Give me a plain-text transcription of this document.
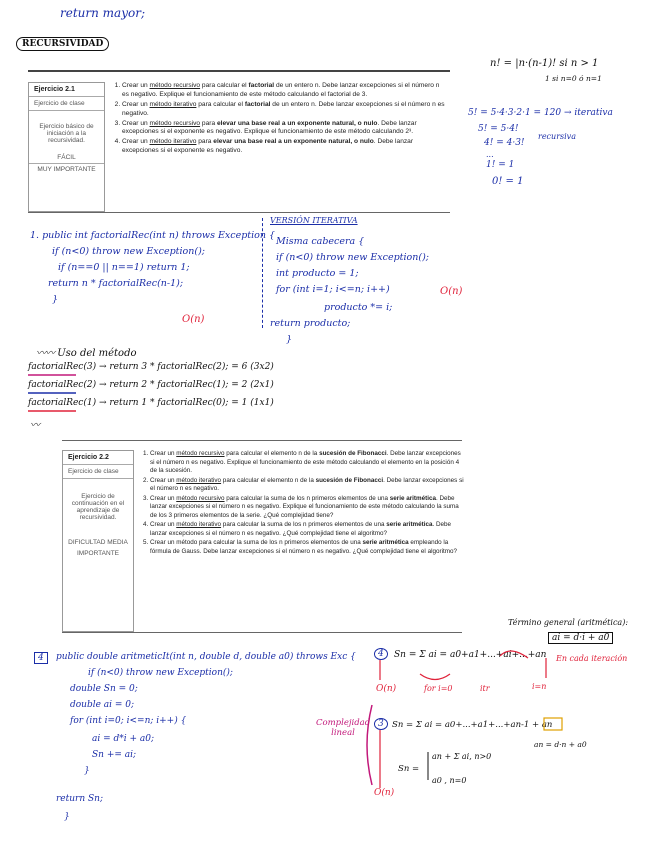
return mayor;
RECURSIVIDAD
n! = |n·(n-1)! si n > 1
1 si n=0 ó n=1
5! = 5·4·3·2·1 = 120 → iterativa
5! = 5·4!
recursiva
4! = 4·3!
...
1! = 1
0! = 1
Ejercicio 2.1
Ejercicio de clase
Ejercicio básico de iniciación a la recursividad.
FÁCIL
MUY IMPORTANTE
1. Crear un método recursivo para calcular el factorial de un entero n. Debe lanzar excepciones si el número n es negativo. Explique el funcionamiento de este método calculando el factorial de 3.
2. Crear un método iterativo para calcular el factorial de un entero n. Debe lanzar excepciones si el número n es negativo.
3. Crear un método recursivo para elevar una base real a un exponente natural, o nulo. Debe lanzar excepciones si el exponente es negativo. Explique el funcionamiento de este método calculando 2³.
4. Crear un método iterativo para elevar una base real a un exponente natural, o nulo. Debe lanzar excepciones si el exponente es negativo.
1. public int factorialRec(int n) throws Exception {
if (n<0) throw new Exception();
if (n==0 || n==1) return 1;
return n * factorialRec(n-1);
}
O(n)
VERSIÓN ITERATIVA
Misma cabecera {
if (n<0) throw new Exception();
int producto = 1;
for (int i=1; i<=n; i++)	O(n)
producto *= i;
return producto;
}
〰〰 Uso del método
factorialRec(3) → return 3 * factorialRec(2); = 6 (3x2)
factorialRec(2) → return 2 * factorialRec(1); = 2 (2x1)
factorialRec(1) → return 1 * factorialRec(0); = 1 (1x1)
〰
Ejercicio 2.2
Ejercicio de clase
Ejercicio de continuación en el aprendizaje de recursividad.
DIFICULTAD MEDIA
IMPORTANTE
1. Crear un método recursivo para calcular el elemento n de la sucesión de Fibonacci. Debe lanzar excepciones si el número n es negativo. Explique el funcionamiento de este método calculando el elemento en la posición 4 de la sucesión.
2. Crear un método iterativo para calcular el elemento n de la sucesión de Fibonacci. Debe lanzar excepciones si el número n es negativo.
3. Crear un método recursivo para calcular la suma de los n primeros elementos de una serie aritmética. Debe lanzar excepciones si el número n es negativo. Explique el funcionamiento de este método calculando la suma de los 3 primeros elementos de la serie. ¿Qué complejidad tiene?
4. Crear un método iterativo para calcular la suma de los n primeros elementos de una serie aritmética. Debe lanzar excepciones si el número n es negativo. ¿Qué complejidad tiene el algoritmo?
5. Crear un método para calcular la suma de los n primeros elementos de una serie aritmética empleando la fórmula de Gauss. Debe lanzar excepciones si el número n es negativo. ¿Qué complejidad tiene el algoritmo?
Término general (aritmética):
ai = d·i + a0
En cada iteración
4	Sn = Σ ai = a0+a1+...+ai+...+an
O(n)	for i=0	itr	i=n
Complejidad lineal
3 Sn = Σ ai = a0+...+a1+...+an-1 + an
an = d·n + a0
Sn =
an + Σ ai, n>0
a0 , n=0
O(n)
4	public double aritmeticIt(int n, double d, double a0) throws Exc {
if (n<0) throw new Exception();
double Sn = 0;
double ai = 0;
for (int i=0; i<=n; i++) {
ai = d*i + a0;
Sn += ai;
}
return Sn;
}
